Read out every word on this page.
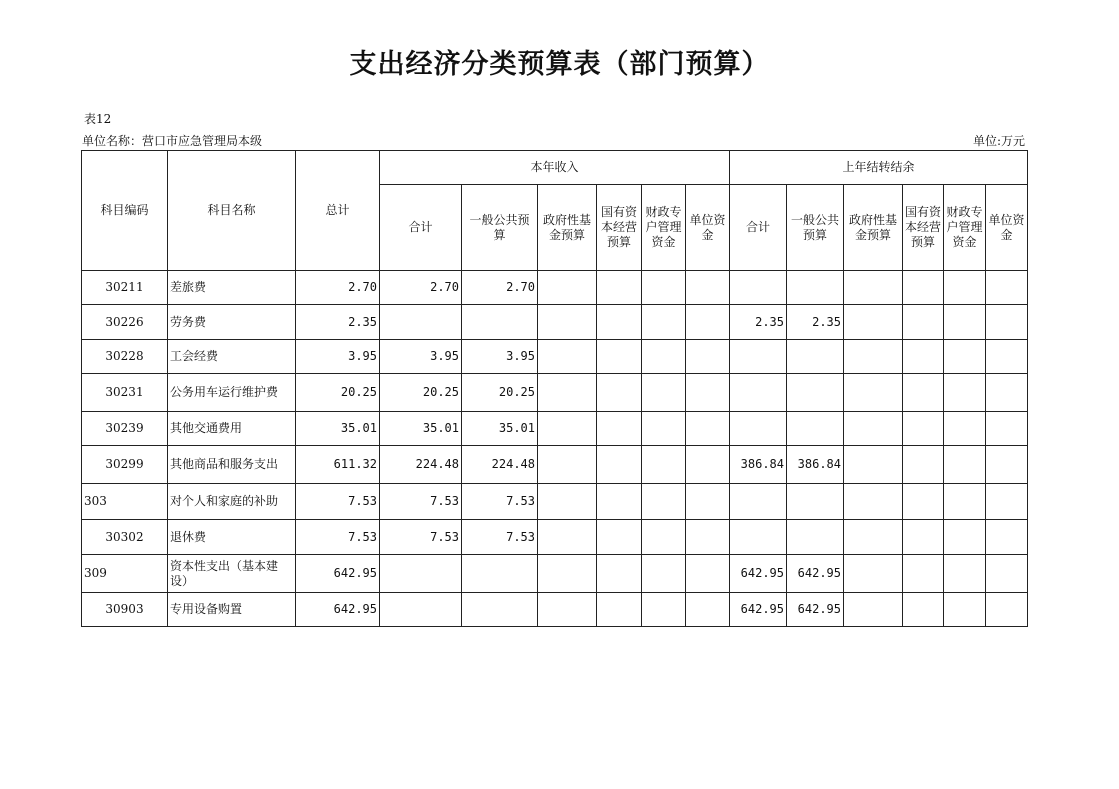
支出经济分类预算表（部门预算）
表12
单位名称：营口市应急管理局本级	单位:万元
科目编码	科目名称	总计	本年收入						上年结转结余					
			合计	一般公共预算	政府性基金预算	国有资本经营预算	财政专户管理资金	单位资金	合计	一般公共预算	政府性基金预算	国有资本经营预算	财政专户管理资金	单位资金
30211	差旅费	2.70	2.70	2.70										
30226	劳务费	2.35							2.35	2.35				
30228	工会经费	3.95	3.95	3.95										
30231	公务用车运行维护费	20.25	20.25	20.25										
30239	其他交通费用	35.01	35.01	35.01										
30299	其他商品和服务支出	611.32	224.48	224.48					386.84	386.84				
303	对个人和家庭的补助	7.53	7.53	7.53										
30302	退休费	7.53	7.53	7.53										
309	资本性支出（基本建设）	642.95							642.95	642.95				
30903	专用设备购置	642.95							642.95	642.95				
